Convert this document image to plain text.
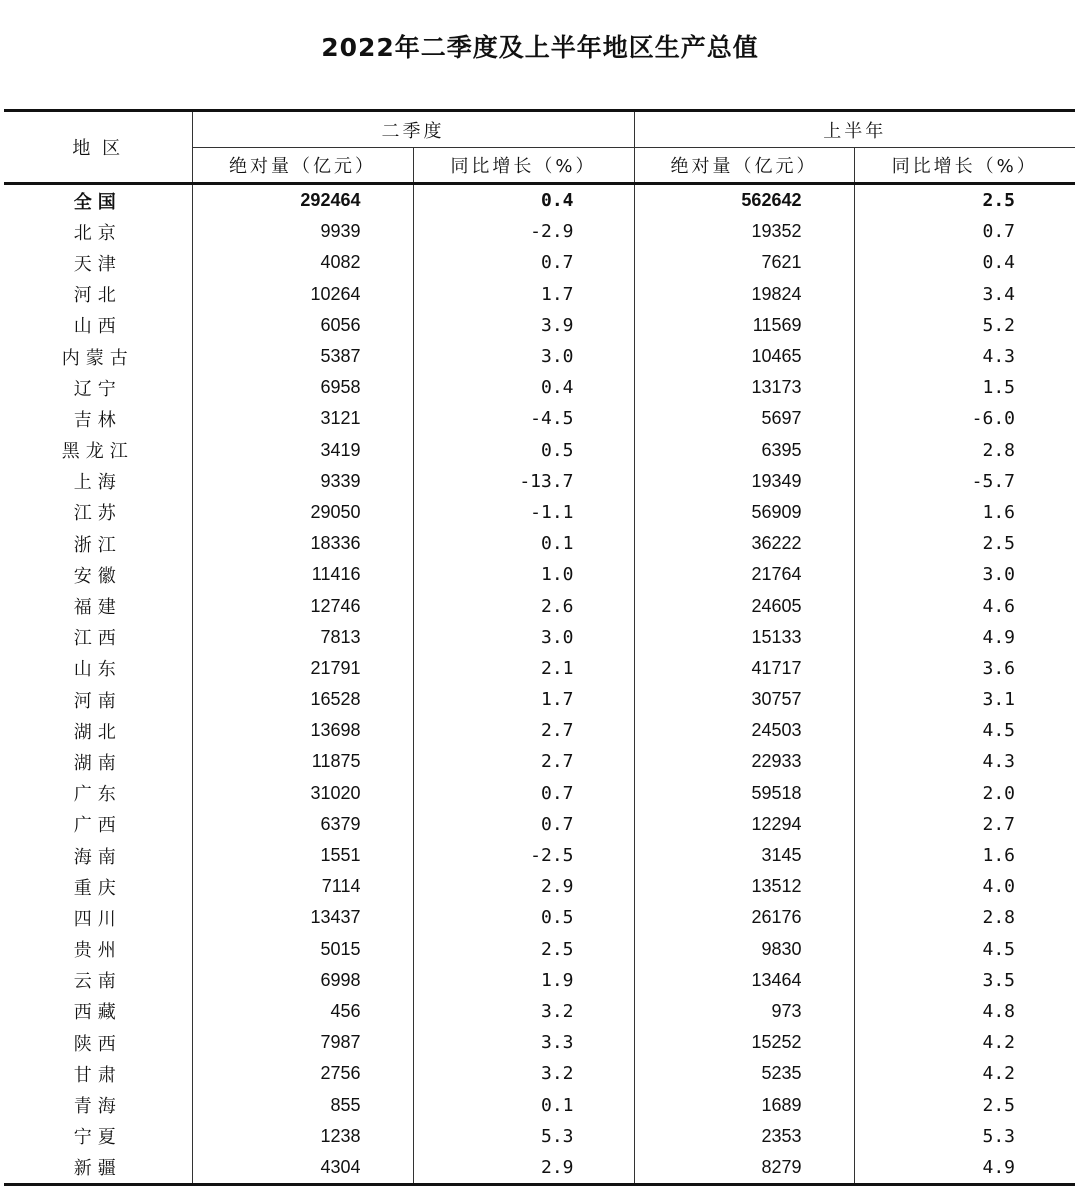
2022年二季度及上半年地区生产总值
地 区	二季度		上半年	
	绝对量（亿元）	同比增长（%）	绝对量（亿元）	同比增长（%）
全国	292464	0.4	562642	2.5
北京	9939	-2.9	19352	0.7
天津	4082	0.7	7621	0.4
河北	10264	1.7	19824	3.4
山西	6056	3.9	11569	5.2
内蒙古	5387	3.0	10465	4.3
辽宁	6958	0.4	13173	1.5
吉林	3121	-4.5	5697	-6.0
黑龙江	3419	0.5	6395	2.8
上海	9339	-13.7	19349	-5.7
江苏	29050	-1.1	56909	1.6
浙江	18336	0.1	36222	2.5
安徽	11416	1.0	21764	3.0
福建	12746	2.6	24605	4.6
江西	7813	3.0	15133	4.9
山东	21791	2.1	41717	3.6
河南	16528	1.7	30757	3.1
湖北	13698	2.7	24503	4.5
湖南	11875	2.7	22933	4.3
广东	31020	0.7	59518	2.0
广西	6379	0.7	12294	2.7
海南	1551	-2.5	3145	1.6
重庆	7114	2.9	13512	4.0
四川	13437	0.5	26176	2.8
贵州	5015	2.5	9830	4.5
云南	6998	1.9	13464	3.5
西藏	456	3.2	973	4.8
陕西	7987	3.3	15252	4.2
甘肃	2756	3.2	5235	4.2
青海	855	0.1	1689	2.5
宁夏	1238	5.3	2353	5.3
新疆	4304	2.9	8279	4.9
